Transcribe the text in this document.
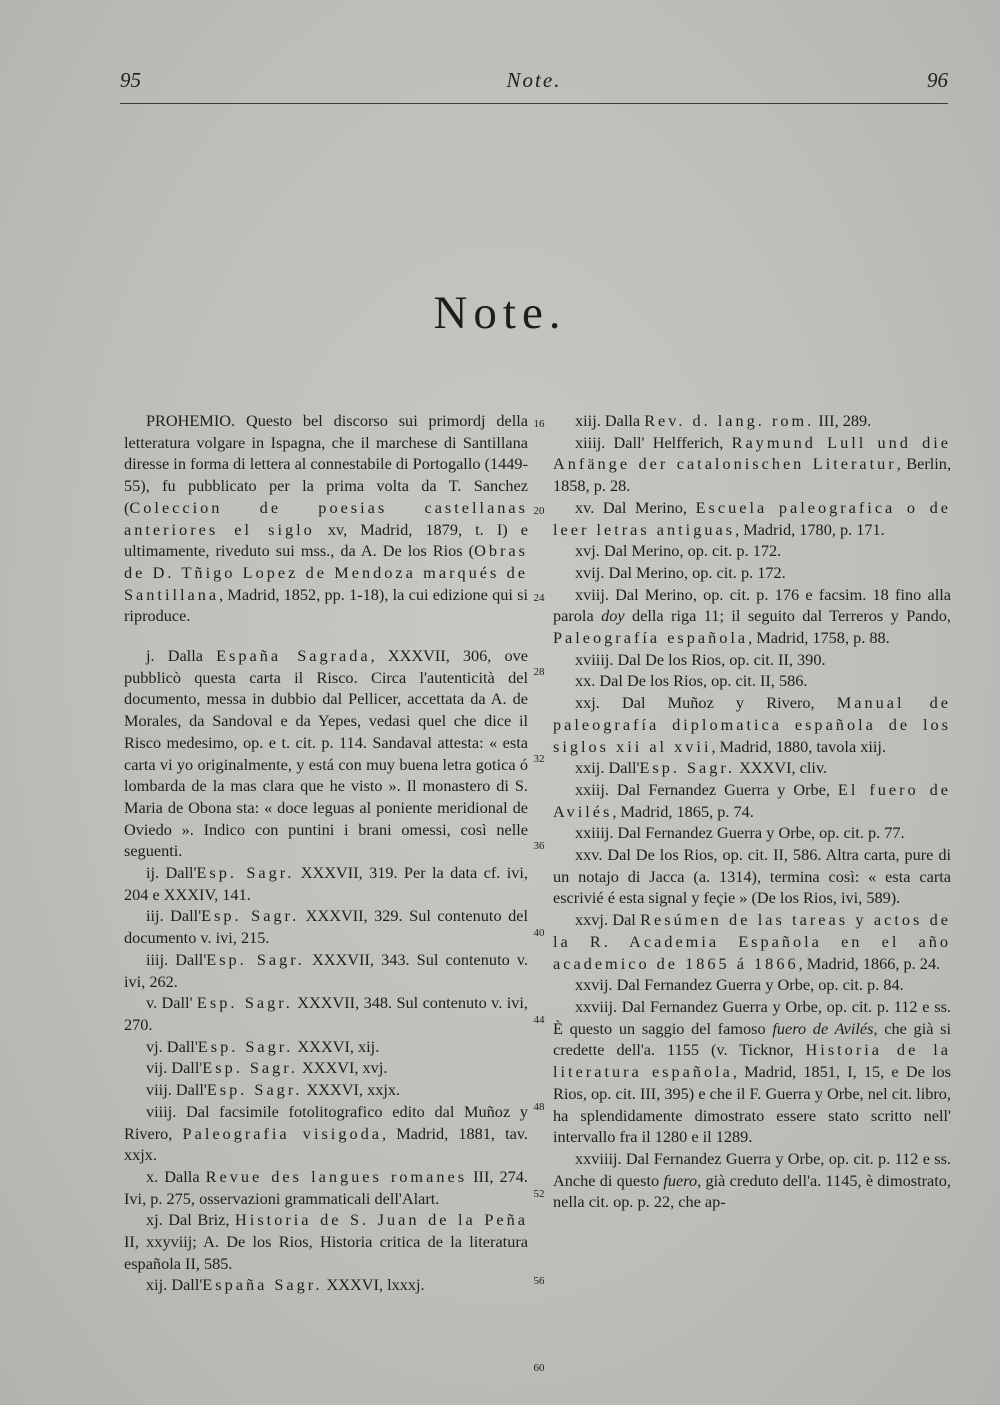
95	Note.	96
Note.

PROHEMIO. Questo bel discorso sui primordj della letteratura volgare in Ispagna, che il marchese di Santillana diresse in forma di lettera al connestabile di Portogallo (1449-55), fu pubblicato per la prima volta da T. Sanchez (Coleccion de poesias castellanas anteriores el siglo xv, Madrid, 1879, t. I) e ultimamente, riveduto sui mss., da A. De los Rios (Obras de D. Tñigo Lopez de Mendoza marqués de Santillana, Madrid, 1852, pp. 1-18), la cui edizione qui si riproduce.

j. Dalla España Sagrada, XXXVII, 306, ove pubblicò questa carta il Risco. Circa l'autenticità del documento, messa in dubbio dal Pellicer, accettata da A. de Morales, da Sandoval e da Yepes, vedasi quel che dice il Risco medesimo, op. e t. cit. p. 114. Sandaval attesta: « esta carta vi yo originalmente, y está con muy buena letra gotica ó lombarda de la mas clara que he visto ». Il monastero di S. Maria de Obona sta: « doce leguas al poniente meridional de Oviedo ». Indico con puntini i brani omessi, così nelle seguenti.

ij. Dall'Esp. Sagr. XXXVII, 319. Per la data cf. ivi, 204 e XXXIV, 141.

iij. Dall'Esp. Sagr. XXXVII, 329. Sul contenuto del documento v. ivi, 215.

iiij. Dall'Esp. Sagr. XXXVII, 343. Sul contenuto v. ivi, 262.

v. Dall' Esp. Sagr. XXXVII, 348. Sul contenuto v. ivi, 270.

vj. Dall'Esp. Sagr. XXXVI, xij.

vij. Dall'Esp. Sagr. XXXVI, xvj.

viij. Dall'Esp. Sagr. XXXVI, xxjx.

viiij. Dal facsimile fotolitografico edito dal Muñoz y Rivero, Paleografia visigoda, Madrid, 1881, tav. xxjx.

x. Dalla Revue des langues romanes III, 274. Ivi, p. 275, osservazioni grammaticali dell'Alart.

xj. Dal Briz, Historia de S. Juan de la Peña II, xxyviij; A. De los Rios, Historia critica de la literatura española II, 585.

xij. Dall'España Sagr. XXXVI, lxxxj.

16
20
24
28
32
36
40
44
48
52
56
60

xiij. Dalla Rev. d. lang. rom. III, 289.

xiiij. Dall' Helfferich, Raymund Lull und die Anfänge der catalonischen Literatur, Berlin, 1858, p. 28.

xv. Dal Merino, Escuela paleografica o de leer letras antiguas, Madrid, 1780, p. 171.

xvj. Dal Merino, op. cit. p. 172.

xvij. Dal Merino, op. cit. p. 172.

xviij. Dal Merino, op. cit. p. 176 e facsim. 18 fino alla parola doy della riga 11; il seguito dal Terreros y Pando, Paleografía española, Madrid, 1758, p. 88.

xviiij. Dal De los Rios, op. cit. II, 390.

xx. Dal De los Rios, op. cit. II, 586.

xxj. Dal Muñoz y Rivero, Manual de paleografía diplomatica española de los siglos xii al xvii, Madrid, 1880, tavola xiij.

xxij. Dall'Esp. Sagr. XXXVI, cliv.

xxiij. Dal Fernandez Guerra y Orbe, El fuero de Avilés, Madrid, 1865, p. 74.

xxiiij. Dal Fernandez Guerra y Orbe, op. cit. p. 77.

xxv. Dal De los Rios, op. cit. II, 586. Altra carta, pure di un notajo di Jacca (a. 1314), termina così: « esta carta escrivié é esta signal y feçie » (De los Rios, ivi, 589).

xxvj. Dal Resúmen de las tareas y actos de la R. Academia Española en el año academico de 1865 á 1866, Madrid, 1866, p. 24.

xxvij. Dal Fernandez Guerra y Orbe, op. cit. p. 84.

xxviij. Dal Fernandez Guerra y Orbe, op. cit. p. 112 e ss. È questo un saggio del famoso fuero de Avilés, che già si credette dell'a. 1155 (v. Ticknor, Historia de la literatura española, Madrid, 1851, I, 15, e De los Rios, op. cit. III, 395) e che il F. Guerra y Orbe, nel cit. libro, ha splendidamente dimostrato essere stato scritto nell' intervallo fra il 1280 e il 1289.

xxviiij. Dal Fernandez Guerra y Orbe, op. cit. p. 112 e ss. Anche di questo fuero, già creduto dell'a. 1145, è dimostrato, nella cit. op. p. 22, che ap-
